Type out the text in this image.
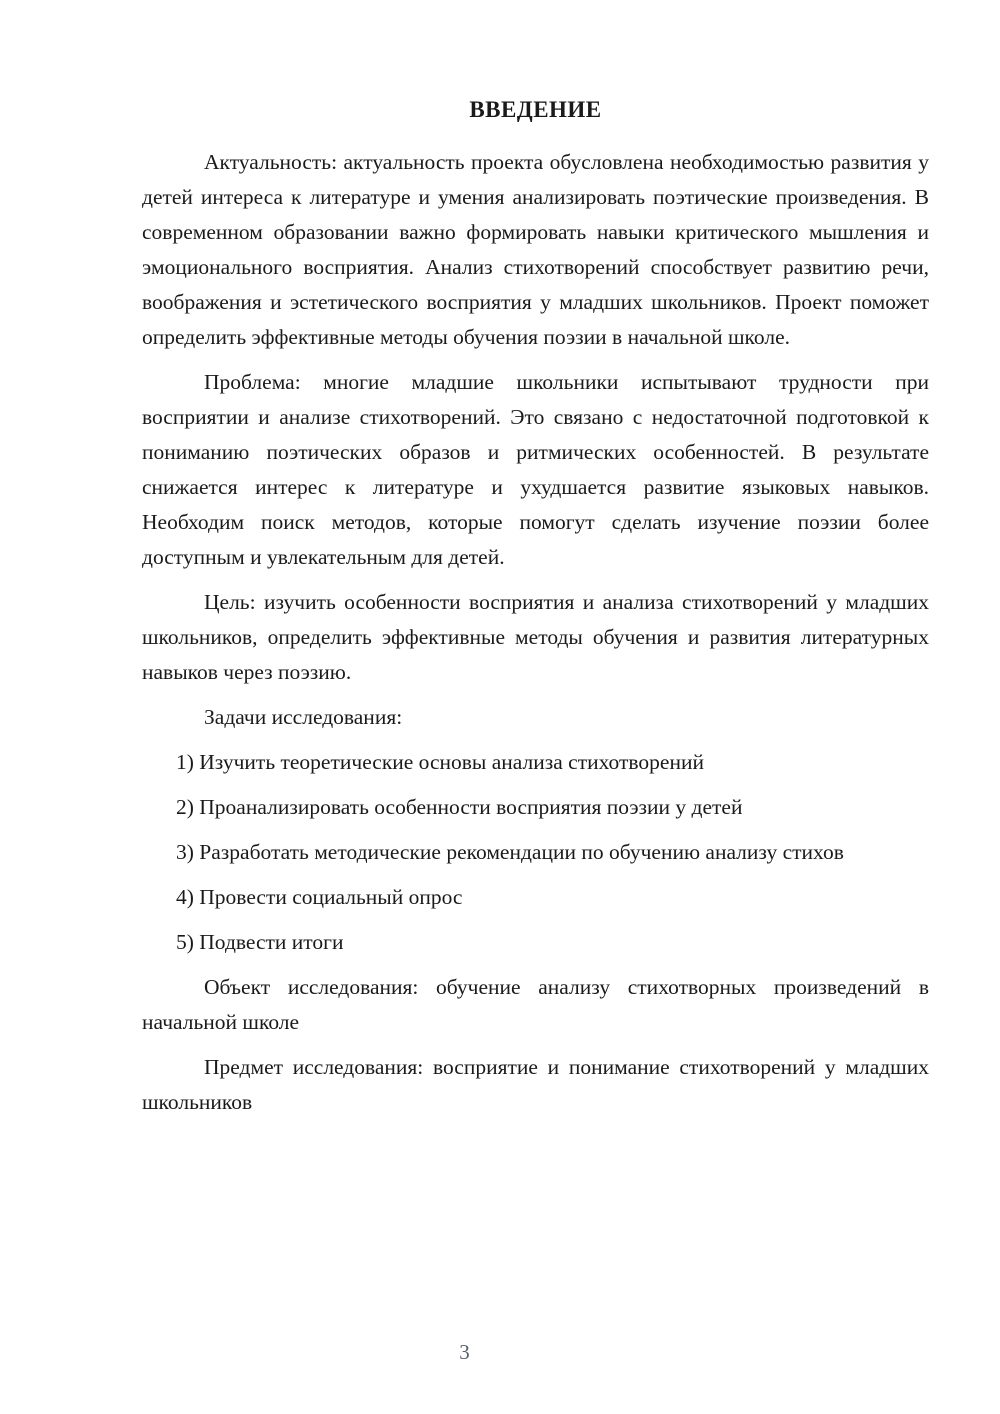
ВВЕДЕНИЕ

Актуальность: актуальность проекта обусловлена необходимостью развития у детей интереса к литературе и умения анализировать поэтические произведения. В современном образовании важно формировать навыки критического мышления и эмоционального восприятия. Анализ стихотворений способствует развитию речи, воображения и эстетического восприятия у младших школьников. Проект поможет определить эффективные методы обучения поэзии в начальной школе.

Проблема: многие младшие школьники испытывают трудности при восприятии и анализе стихотворений. Это связано с недостаточной подготовкой к пониманию поэтических образов и ритмических особенностей. В результате снижается интерес к литературе и ухудшается развитие языковых навыков. Необходим поиск методов, которые помогут сделать изучение поэзии более доступным и увлекательным для детей.

Цель: изучить особенности восприятия и анализа стихотворений у младших школьников, определить эффективные методы обучения и развития литературных навыков через поэзию.

Задачи исследования:

1) Изучить теоретические основы анализа стихотворений

2) Проанализировать особенности восприятия поэзии у детей

3) Разработать методические рекомендации по обучению анализу стихов

4) Провести социальный опрос

5) Подвести итоги

Объект исследования: обучение анализу стихотворных произведений в начальной школе

Предмет исследования: восприятие и понимание стихотворений у младших школьников

3
